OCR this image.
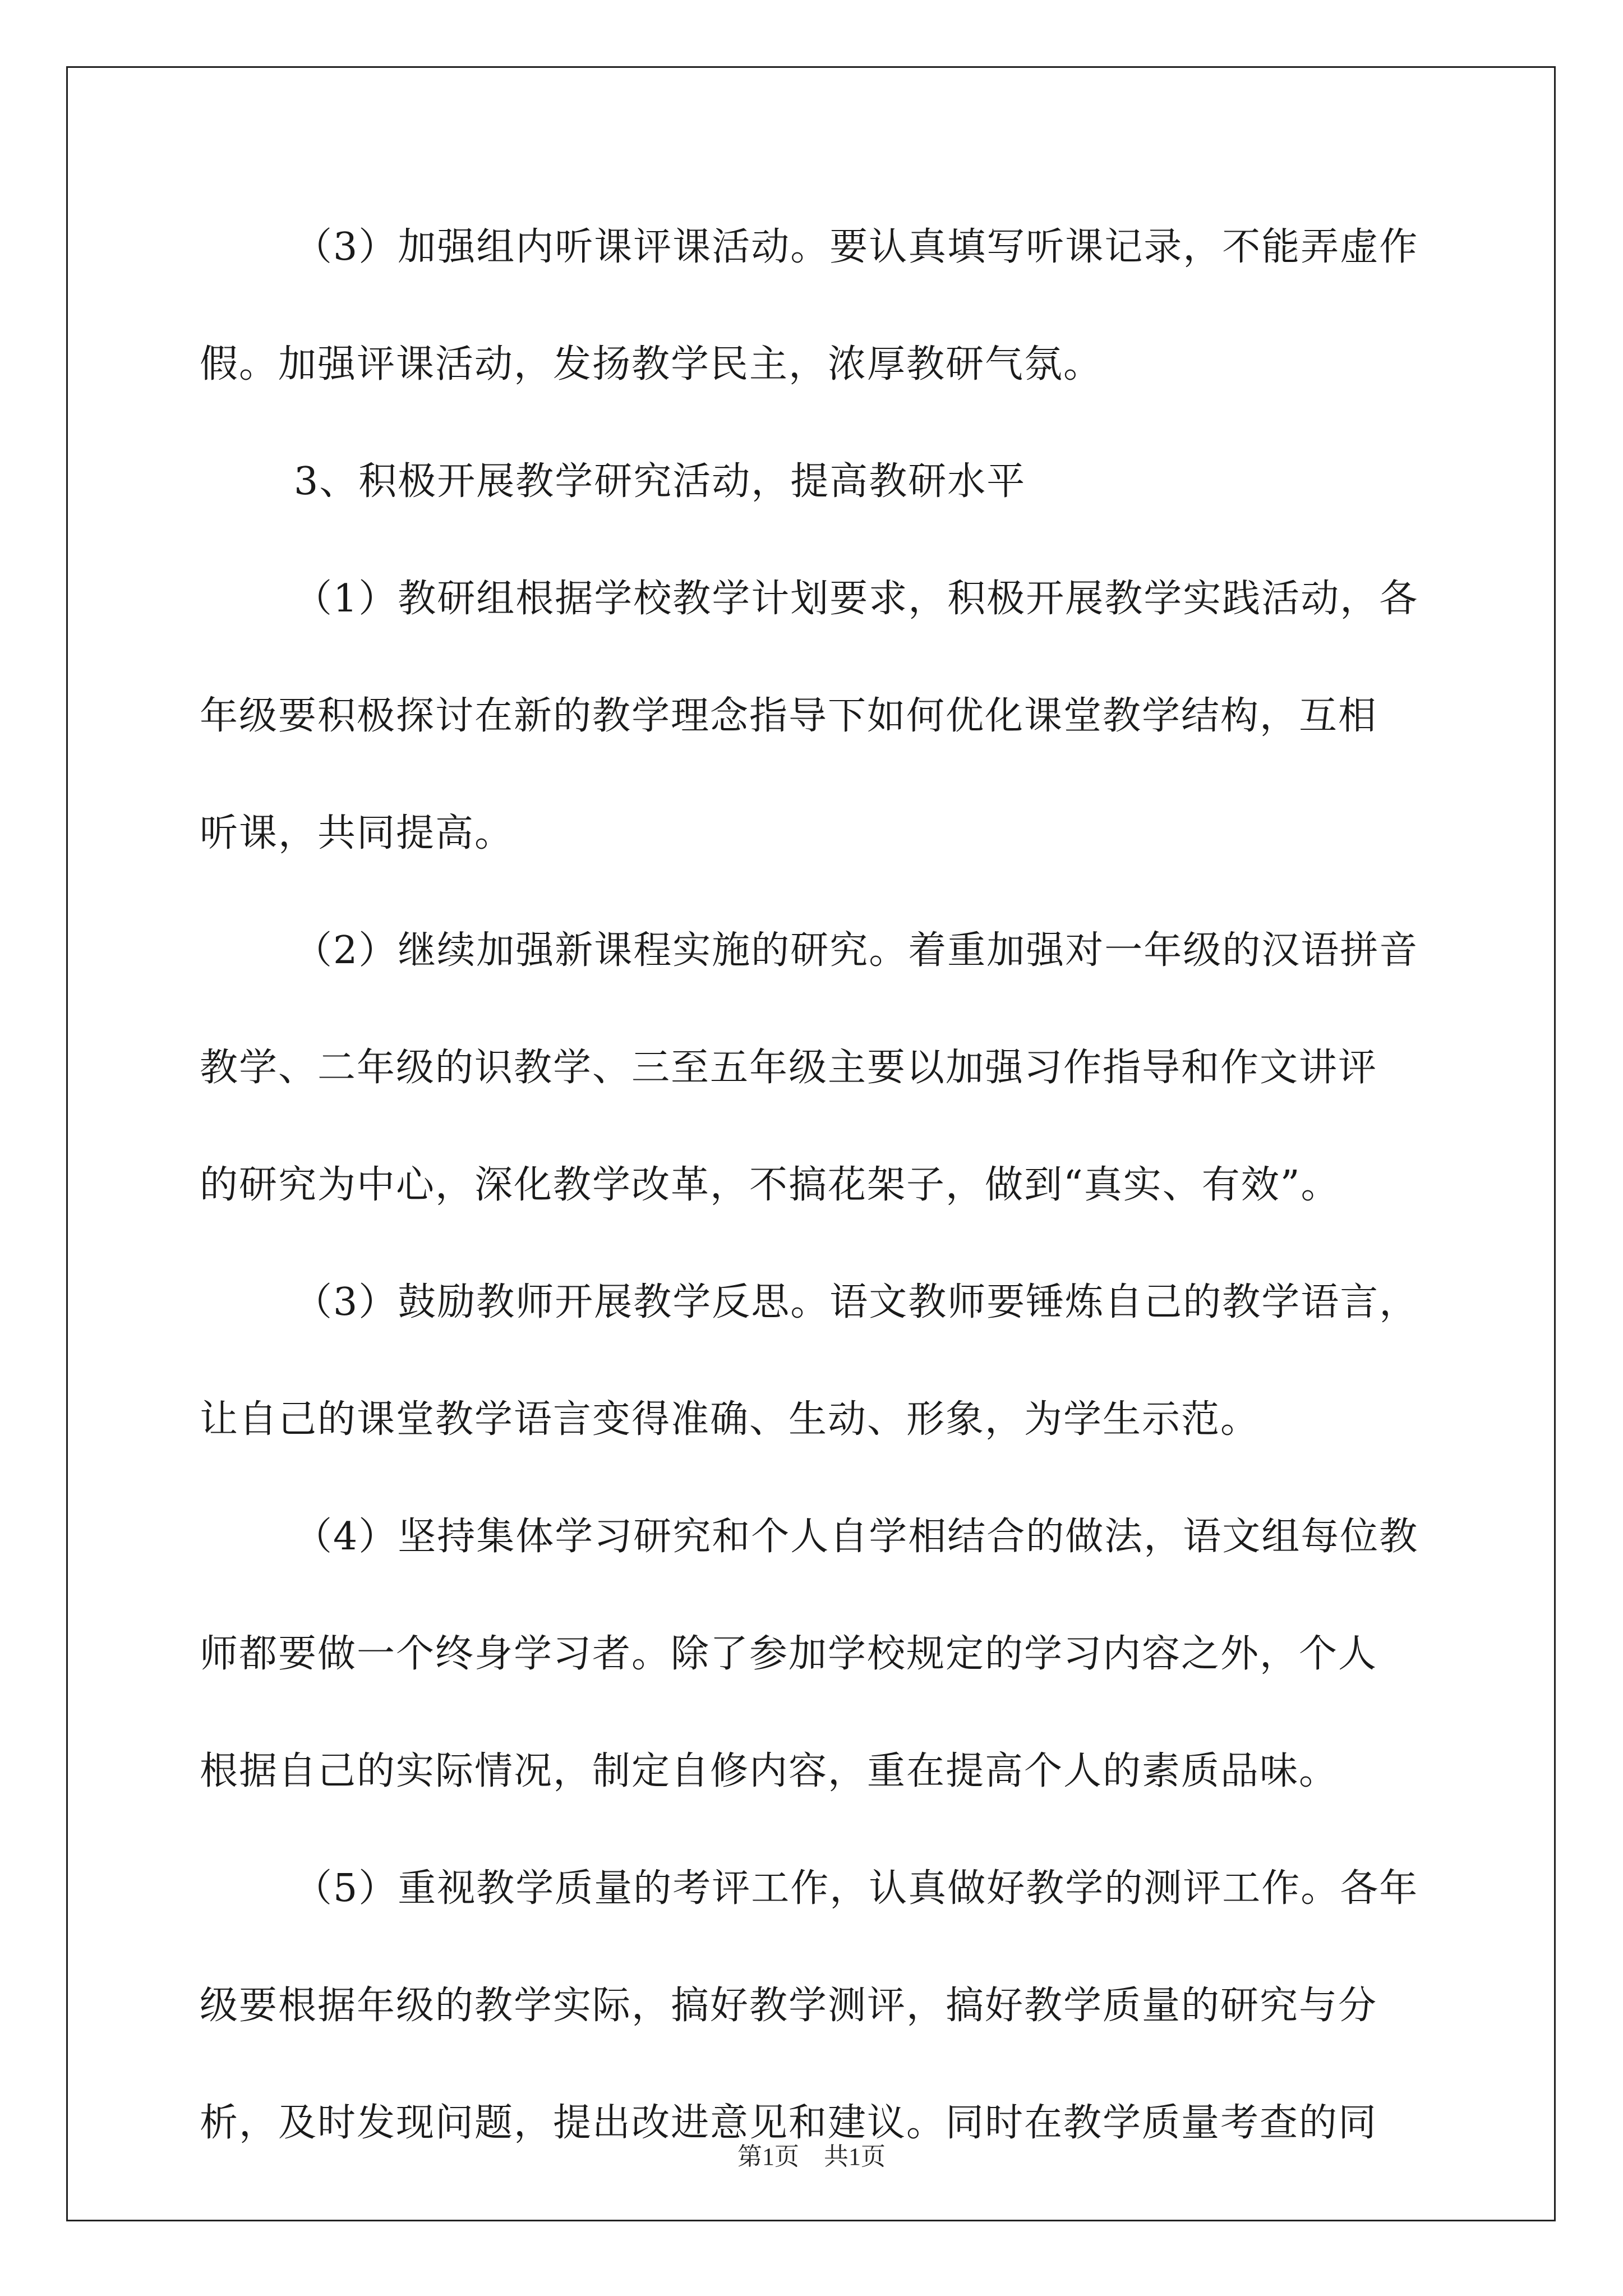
（3）加强组内听课评课活动。要认真填写听课记录，不能弄虚作
假。加强评课活动，发扬教学民主，浓厚教研气氛。
3、积极开展教学研究活动，提高教研水平
（1）教研组根据学校教学计划要求，积极开展教学实践活动，各
年级要积极探讨在新的教学理念指导下如何优化课堂教学结构，互相
听课，共同提高。
（2）继续加强新课程实施的研究。着重加强对一年级的汉语拼音
教学、二年级的识教学、三至五年级主要以加强习作指导和作文讲评
的研究为中心，深化教学改革，不搞花架子，做到“真实、有效”。
（3）鼓励教师开展教学反思。语文教师要锤炼自己的教学语言，
让自己的课堂教学语言变得准确、生动、形象，为学生示范。
（4）坚持集体学习研究和个人自学相结合的做法，语文组每位教
师都要做一个终身学习者。除了参加学校规定的学习内容之外，个人
根据自己的实际情况，制定自修内容，重在提高个人的素质品味。
（5）重视教学质量的考评工作，认真做好教学的测评工作。各年
级要根据年级的教学实际，搞好教学测评，搞好教学质量的研究与分
析，及时发现问题，提出改进意见和建议。同时在教学质量考查的同
第1页　共1页
